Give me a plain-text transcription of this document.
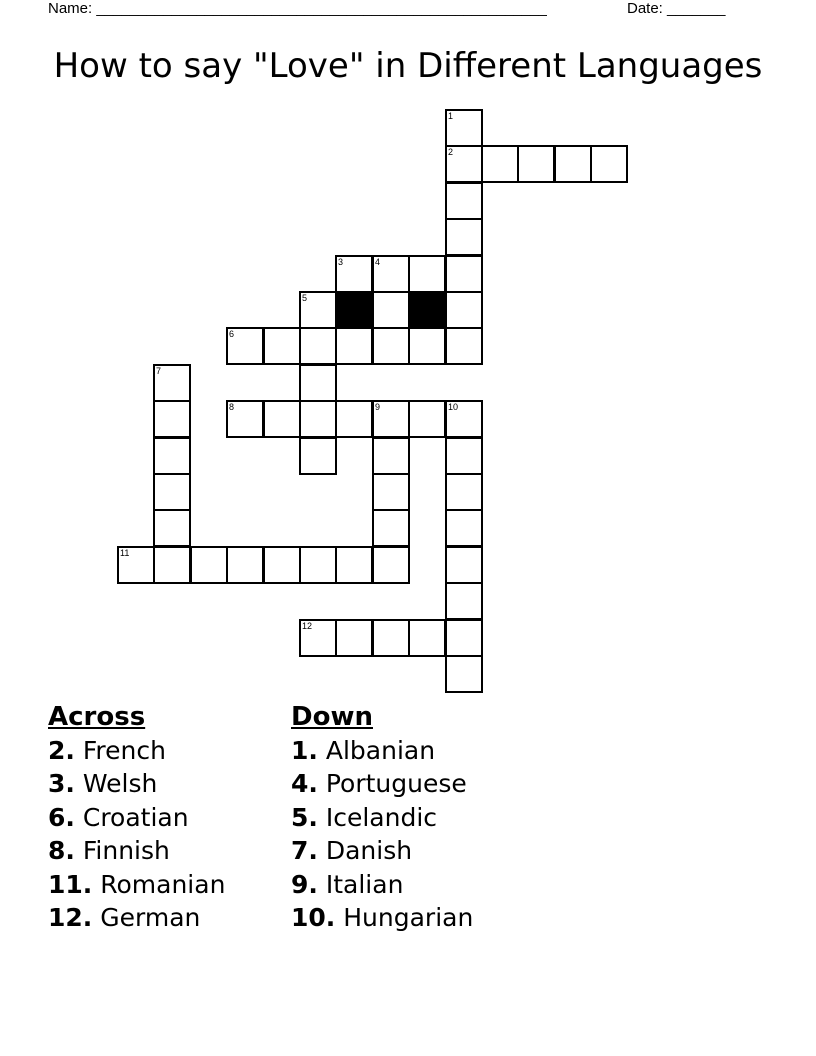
Name: ______________________________________________________	Date: _______
How to say "Love" in Different Languages
1
2
3	4
5
6
7
8	9	10
11
12
Across
2. French
3. Welsh
6. Croatian
8. Finnish
11. Romanian
12. German
Down
1. Albanian
4. Portuguese
5. Icelandic
7. Danish
9. Italian
10. Hungarian
